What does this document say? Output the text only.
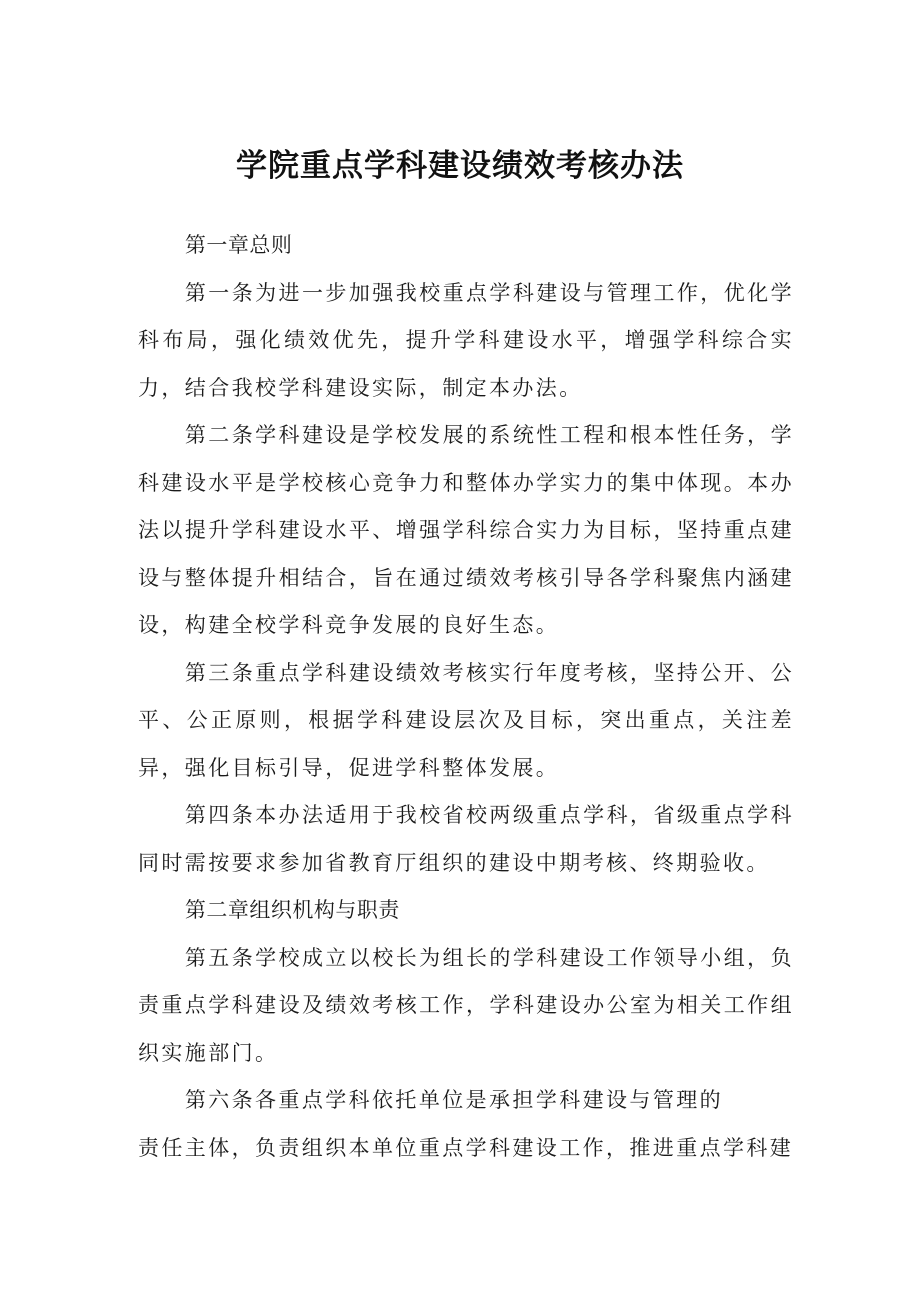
学院重点学科建设绩效考核办法

第一章总则

第一条为进一步加强我校重点学科建设与管理工作，优化学科布局，强化绩效优先，提升学科建设水平，增强学科综合实力，结合我校学科建设实际，制定本办法。

第二条学科建设是学校发展的系统性工程和根本性任务，学科建设水平是学校核心竞争力和整体办学实力的集中体现。本办法以提升学科建设水平、增强学科综合实力为目标，坚持重点建设与整体提升相结合，旨在通过绩效考核引导各学科聚焦内涵建设，构建全校学科竞争发展的良好生态。

第三条重点学科建设绩效考核实行年度考核，坚持公开、公平、公正原则，根据学科建设层次及目标，突出重点，关注差异，强化目标引导，促进学科整体发展。

第四条本办法适用于我校省校两级重点学科，省级重点学科同时需按要求参加省教育厅组织的建设中期考核、终期验收。

第二章组织机构与职责

第五条学校成立以校长为组长的学科建设工作领导小组，负责重点学科建设及绩效考核工作，学科建设办公室为相关工作组织实施部门。

第六条各重点学科依托单位是承担学科建设与管理的

责任主体，负责组织本单位重点学科建设工作，推进重点学科建
